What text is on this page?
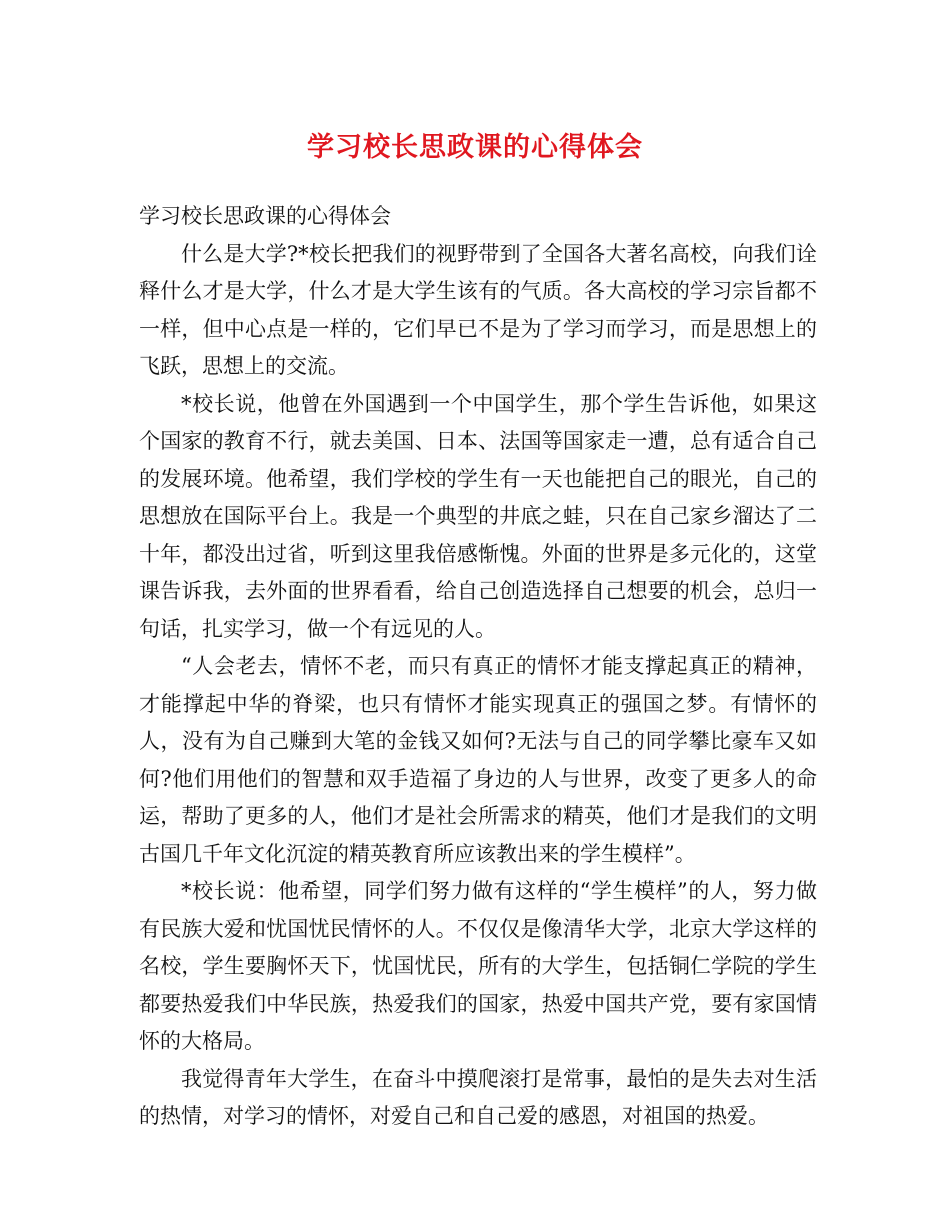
学习校长思政课的心得体会

学习校长思政课的心得体会

什么是大学?*校长把我们的视野带到了全国各大著名高校，向我们诠释什么才是大学，什么才是大学生该有的气质。各大高校的学习宗旨都不一样，但中心点是一样的，它们早已不是为了学习而学习，而是思想上的飞跃，思想上的交流。

*校长说，他曾在外国遇到一个中国学生，那个学生告诉他，如果这个国家的教育不行，就去美国、日本、法国等国家走一遭，总有适合自己的发展环境。他希望，我们学校的学生有一天也能把自己的眼光，自己的思想放在国际平台上。我是一个典型的井底之蛙，只在自己家乡溜达了二十年，都没出过省，听到这里我倍感惭愧。外面的世界是多元化的，这堂课告诉我，去外面的世界看看，给自己创造选择自己想要的机会，总归一句话，扎实学习，做一个有远见的人。

“人会老去，情怀不老，而只有真正的情怀才能支撑起真正的精神，才能撑起中华的脊梁，也只有情怀才能实现真正的强国之梦。有情怀的人，没有为自己赚到大笔的金钱又如何?无法与自己的同学攀比豪车又如何?他们用他们的智慧和双手造福了身边的人与世界，改变了更多人的命运，帮助了更多的人，他们才是社会所需求的精英，他们才是我们的文明古国几千年文化沉淀的精英教育所应该教出来的学生模样”。

*校长说：他希望，同学们努力做有这样的“学生模样”的人，努力做有民族大爱和忧国忧民情怀的人。不仅仅是像清华大学，北京大学这样的名校，学生要胸怀天下，忧国忧民，所有的大学生，包括铜仁学院的学生都要热爱我们中华民族，热爱我们的国家，热爱中国共产党，要有家国情怀的大格局。

我觉得青年大学生，在奋斗中摸爬滚打是常事，最怕的是失去对生活的热情，对学习的情怀，对爱自己和自己爱的感恩，对祖国的热爱。
